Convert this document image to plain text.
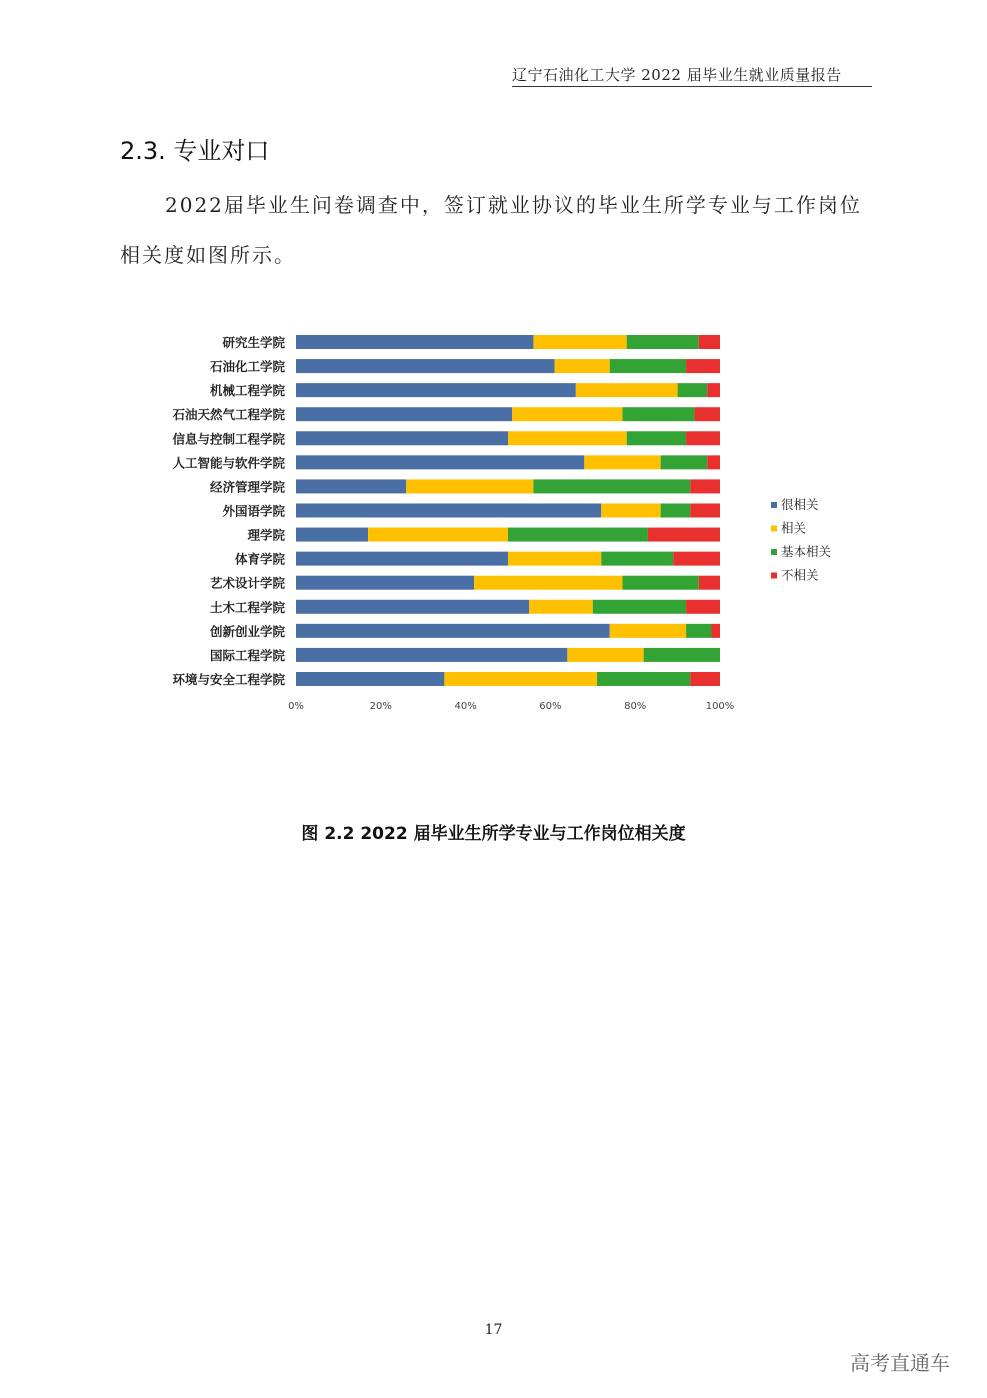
辽宁石油化工大学 2022 届毕业生就业质量报告
2.3. 专业对口
2022届毕业生问卷调查中，签订就业协议的毕业生所学专业与工作岗位相关度如图所示。
研究生学院
石油化工学院
机械工程学院
石油天然气工程学院
信息与控制工程学院
人工智能与软件学院
经济管理学院
外国语学院
理学院
体育学院
艺术设计学院
土木工程学院
创新创业学院
国际工程学院
环境与安全工程学院
0%	20%	40%	60%	80%	100%
很相关
相关
基本相关
不相关
图 2.2 2022 届毕业生所学专业与工作岗位相关度
17
高考直通车
